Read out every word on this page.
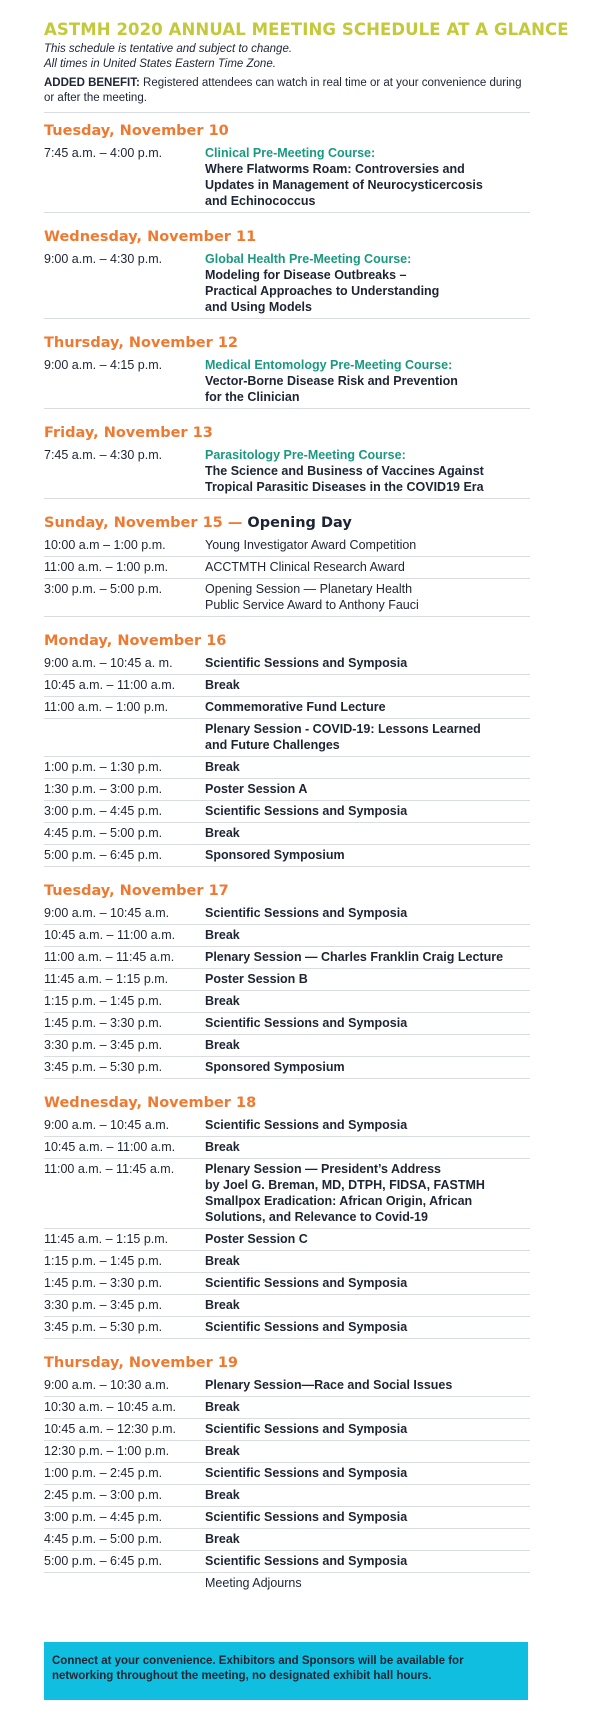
ASTMH 2020 ANNUAL MEETING SCHEDULE AT A GLANCE
This schedule is tentative and subject to change.
All times in United States Eastern Time Zone.
ADDED BENEFIT: Registered attendees can watch in real time or at your convenience during or after the meeting.
Tuesday, November 10
7:45 a.m. – 4:00 p.m.	Clinical Pre-Meeting Course:
Where Flatworms Roam: Controversies and
Updates in Management of Neurocysticercosis
and Echinococcus
Wednesday, November 11
9:00 a.m. – 4:30 p.m.	Global Health Pre-Meeting Course:
Modeling for Disease Outbreaks –
Practical Approaches to Understanding
and Using Models
Thursday, November 12
9:00 a.m. – 4:15 p.m.	Medical Entomology Pre-Meeting Course:
Vector-Borne Disease Risk and Prevention
for the Clinician
Friday, November 13
7:45 a.m. – 4:30 p.m.	Parasitology Pre-Meeting Course:
The Science and Business of Vaccines Against
Tropical Parasitic Diseases in the COVID19 Era
Sunday, November 15 — Opening Day
10:00 a.m – 1:00 p.m.	Young Investigator Award Competition
11:00 a.m. – 1:00 p.m.	ACCTMTH Clinical Research Award
3:00 p.m. – 5:00 p.m.	Opening Session — Planetary Health
Public Service Award to Anthony Fauci
Monday, November 16
9:00 a.m. – 10:45 a. m.	Scientific Sessions and Symposia
10:45 a.m. – 11:00 a.m.	Break
11:00 a.m. – 1:00 p.m.	Commemorative Fund Lecture
Plenary Session - COVID-19: Lessons Learned
and Future Challenges
1:00 p.m. – 1:30 p.m.	Break
1:30 p.m. – 3:00 p.m.	Poster Session A
3:00 p.m. – 4:45 p.m.	Scientific Sessions and Symposia
4:45 p.m. – 5:00 p.m.	Break
5:00 p.m. – 6:45 p.m.	Sponsored Symposium
Tuesday, November 17
9:00 a.m. – 10:45 a.m.	Scientific Sessions and Symposia
10:45 a.m. – 11:00 a.m.	Break
11:00 a.m. – 11:45 a.m.	Plenary Session — Charles Franklin Craig Lecture
11:45 a.m. – 1:15 p.m.	Poster Session B
1:15 p.m. – 1:45 p.m.	Break
1:45 p.m. – 3:30 p.m.	Scientific Sessions and Symposia
3:30 p.m. – 3:45 p.m.	Break
3:45 p.m. – 5:30 p.m.	Sponsored Symposium
Wednesday, November 18
9:00 a.m. – 10:45 a.m.	Scientific Sessions and Symposia
10:45 a.m. – 11:00 a.m.	Break
11:00 a.m. – 11:45 a.m.	Plenary Session — President’s Address
by Joel G. Breman, MD, DTPH, FIDSA, FASTMH
Smallpox Eradication: African Origin, African
Solutions, and Relevance to Covid-19
11:45 a.m. – 1:15 p.m.	Poster Session C
1:15 p.m. – 1:45 p.m.	Break
1:45 p.m. – 3:30 p.m.	Scientific Sessions and Symposia
3:30 p.m. – 3:45 p.m.	Break
3:45 p.m. – 5:30 p.m.	Scientific Sessions and Symposia
Thursday, November 19
9:00 a.m. – 10:30 a.m.	Plenary Session—Race and Social Issues
10:30 a.m. – 10:45 a.m.	Break
10:45 a.m. – 12:30 p.m.	Scientific Sessions and Symposia
12:30 p.m. – 1:00 p.m.	Break
1:00 p.m. – 2:45 p.m.	Scientific Sessions and Symposia
2:45 p.m. – 3:00 p.m.	Break
3:00 p.m. – 4:45 p.m.	Scientific Sessions and Symposia
4:45 p.m. – 5:00 p.m.	Break
5:00 p.m. – 6:45 p.m.	Scientific Sessions and Symposia
Meeting Adjourns
Connect at your convenience. Exhibitors and Sponsors will be available for networking throughout the meeting, no designated exhibit hall hours.
